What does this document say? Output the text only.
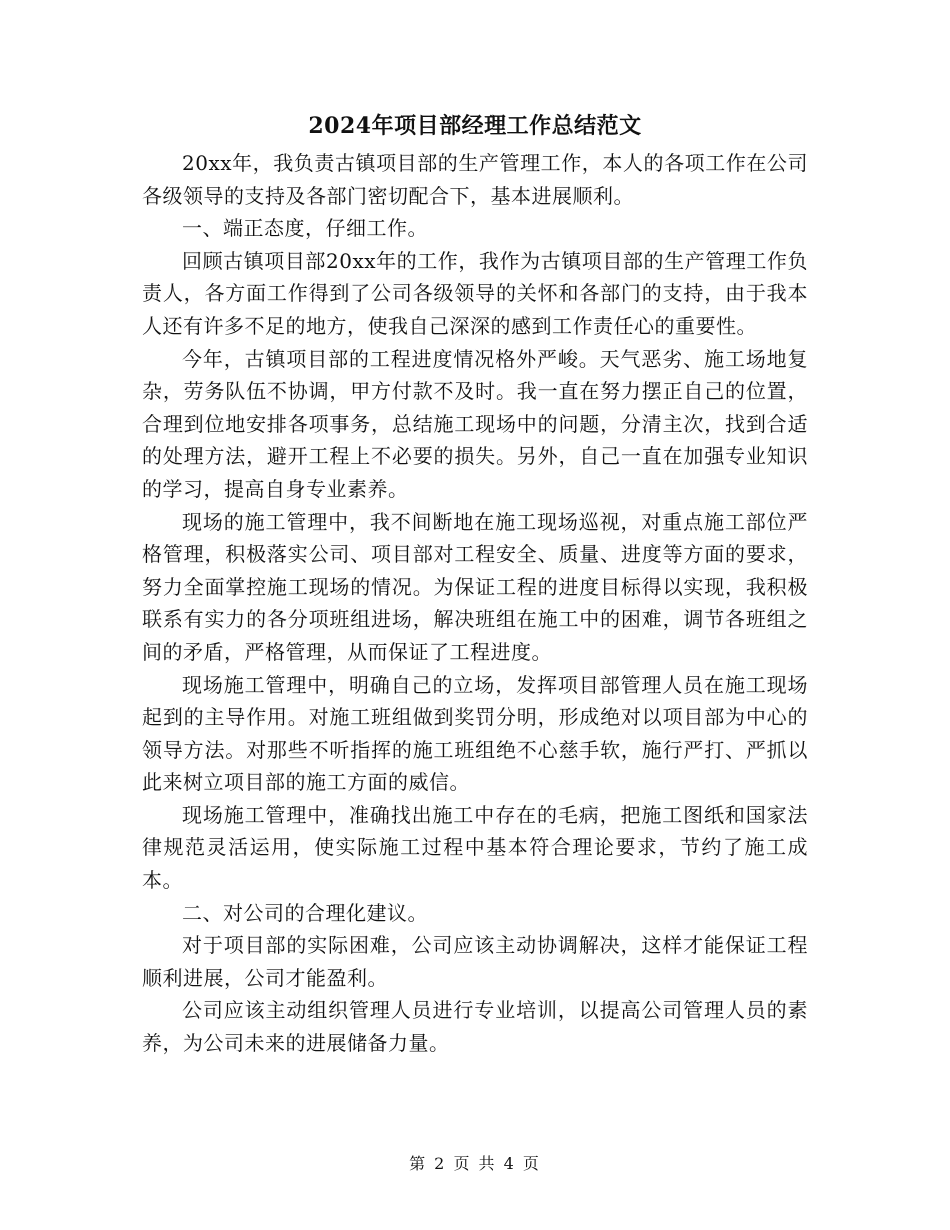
2024年项目部经理工作总结范文

20xx年，我负责古镇项目部的生产管理工作，本人的各项工作在公司各级领导的支持及各部门密切配合下，基本进展顺利。

一、端正态度，仔细工作。

回顾古镇项目部20xx年的工作，我作为古镇项目部的生产管理工作负责人，各方面工作得到了公司各级领导的关怀和各部门的支持，由于我本人还有许多不足的地方，使我自己深深的感到工作责任心的重要性。

今年，古镇项目部的工程进度情况格外严峻。天气恶劣、施工场地复杂，劳务队伍不协调，甲方付款不及时。我一直在努力摆正自己的位置，合理到位地安排各项事务，总结施工现场中的问题，分清主次，找到合适的处理方法，避开工程上不必要的损失。另外，自己一直在加强专业知识的学习，提高自身专业素养。

现场的施工管理中，我不间断地在施工现场巡视，对重点施工部位严格管理，积极落实公司、项目部对工程安全、质量、进度等方面的要求，努力全面掌控施工现场的情况。为保证工程的进度目标得以实现，我积极联系有实力的各分项班组进场，解决班组在施工中的困难，调节各班组之间的矛盾，严格管理，从而保证了工程进度。

现场施工管理中，明确自己的立场，发挥项目部管理人员在施工现场起到的主导作用。对施工班组做到奖罚分明，形成绝对以项目部为中心的领导方法。对那些不听指挥的施工班组绝不心慈手软，施行严打、严抓以此来树立项目部的施工方面的威信。

现场施工管理中，准确找出施工中存在的毛病，把施工图纸和国家法律规范灵活运用，使实际施工过程中基本符合理论要求，节约了施工成本。

二、对公司的合理化建议。

对于项目部的实际困难，公司应该主动协调解决，这样才能保证工程顺利进展，公司才能盈利。

公司应该主动组织管理人员进行专业培训，以提高公司管理人员的素养，为公司未来的进展储备力量。

第 2 页 共 4 页
